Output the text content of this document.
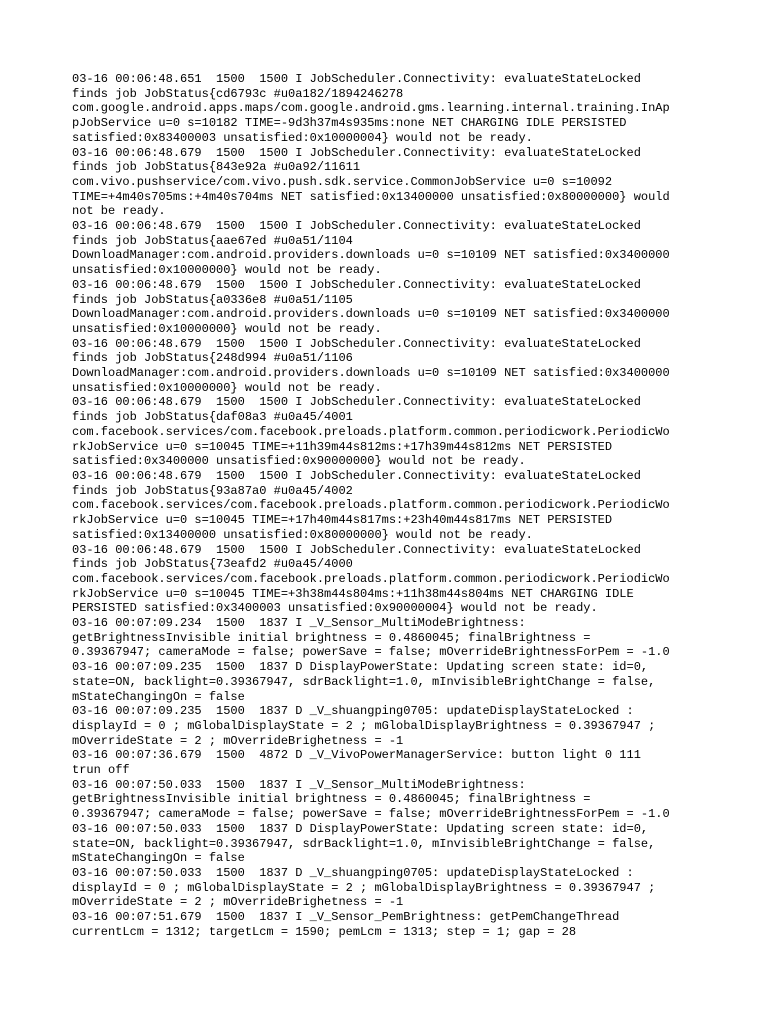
03-16 00:06:48.651  1500  1500 I JobScheduler.Connectivity: evaluateStateLocked
finds job JobStatus{cd6793c #u0a182/1894246278
com.google.android.apps.maps/com.google.android.gms.learning.internal.training.InAp
pJobService u=0 s=10182 TIME=-9d3h37m4s935ms:none NET CHARGING IDLE PERSISTED
satisfied:0x83400003 unsatisfied:0x10000004} would not be ready.
03-16 00:06:48.679  1500  1500 I JobScheduler.Connectivity: evaluateStateLocked
finds job JobStatus{843e92a #u0a92/11611
com.vivo.pushservice/com.vivo.push.sdk.service.CommonJobService u=0 s=10092
TIME=+4m40s705ms:+4m40s704ms NET satisfied:0x13400000 unsatisfied:0x80000000} would
not be ready.
03-16 00:06:48.679  1500  1500 I JobScheduler.Connectivity: evaluateStateLocked
finds job JobStatus{aae67ed #u0a51/1104
DownloadManager:com.android.providers.downloads u=0 s=10109 NET satisfied:0x3400000
unsatisfied:0x10000000} would not be ready.
03-16 00:06:48.679  1500  1500 I JobScheduler.Connectivity: evaluateStateLocked
finds job JobStatus{a0336e8 #u0a51/1105
DownloadManager:com.android.providers.downloads u=0 s=10109 NET satisfied:0x3400000
unsatisfied:0x10000000} would not be ready.
03-16 00:06:48.679  1500  1500 I JobScheduler.Connectivity: evaluateStateLocked
finds job JobStatus{248d994 #u0a51/1106
DownloadManager:com.android.providers.downloads u=0 s=10109 NET satisfied:0x3400000
unsatisfied:0x10000000} would not be ready.
03-16 00:06:48.679  1500  1500 I JobScheduler.Connectivity: evaluateStateLocked
finds job JobStatus{daf08a3 #u0a45/4001
com.facebook.services/com.facebook.preloads.platform.common.periodicwork.PeriodicWo
rkJobService u=0 s=10045 TIME=+11h39m44s812ms:+17h39m44s812ms NET PERSISTED
satisfied:0x3400000 unsatisfied:0x90000000} would not be ready.
03-16 00:06:48.679  1500  1500 I JobScheduler.Connectivity: evaluateStateLocked
finds job JobStatus{93a87a0 #u0a45/4002
com.facebook.services/com.facebook.preloads.platform.common.periodicwork.PeriodicWo
rkJobService u=0 s=10045 TIME=+17h40m44s817ms:+23h40m44s817ms NET PERSISTED
satisfied:0x13400000 unsatisfied:0x80000000} would not be ready.
03-16 00:06:48.679  1500  1500 I JobScheduler.Connectivity: evaluateStateLocked
finds job JobStatus{73eafd2 #u0a45/4000
com.facebook.services/com.facebook.preloads.platform.common.periodicwork.PeriodicWo
rkJobService u=0 s=10045 TIME=+3h38m44s804ms:+11h38m44s804ms NET CHARGING IDLE
PERSISTED satisfied:0x3400003 unsatisfied:0x90000004} would not be ready.
03-16 00:07:09.234  1500  1837 I _V_Sensor_MultiModeBrightness:
getBrightnessInvisible initial brightness = 0.4860045; finalBrightness =
0.39367947; cameraMode = false; powerSave = false; mOverrideBrightnessForPem = -1.0
03-16 00:07:09.235  1500  1837 D DisplayPowerState: Updating screen state: id=0,
state=ON, backlight=0.39367947, sdrBacklight=1.0, mInvisibleBrightChange = false,
mStateChangingOn = false
03-16 00:07:09.235  1500  1837 D _V_shuangping0705: updateDisplayStateLocked :
displayId = 0 ; mGlobalDisplayState = 2 ; mGlobalDisplayBrightness = 0.39367947 ;
mOverrideState = 2 ; mOverrideBrighetness = -1
03-16 00:07:36.679  1500  4872 D _V_VivoPowerManagerService: button light 0 111
trun off
03-16 00:07:50.033  1500  1837 I _V_Sensor_MultiModeBrightness:
getBrightnessInvisible initial brightness = 0.4860045; finalBrightness =
0.39367947; cameraMode = false; powerSave = false; mOverrideBrightnessForPem = -1.0
03-16 00:07:50.033  1500  1837 D DisplayPowerState: Updating screen state: id=0,
state=ON, backlight=0.39367947, sdrBacklight=1.0, mInvisibleBrightChange = false,
mStateChangingOn = false
03-16 00:07:50.033  1500  1837 D _V_shuangping0705: updateDisplayStateLocked :
displayId = 0 ; mGlobalDisplayState = 2 ; mGlobalDisplayBrightness = 0.39367947 ;
mOverrideState = 2 ; mOverrideBrighetness = -1
03-16 00:07:51.679  1500  1837 I _V_Sensor_PemBrightness: getPemChangeThread
currentLcm = 1312; targetLcm = 1590; pemLcm = 1313; step = 1; gap = 28
